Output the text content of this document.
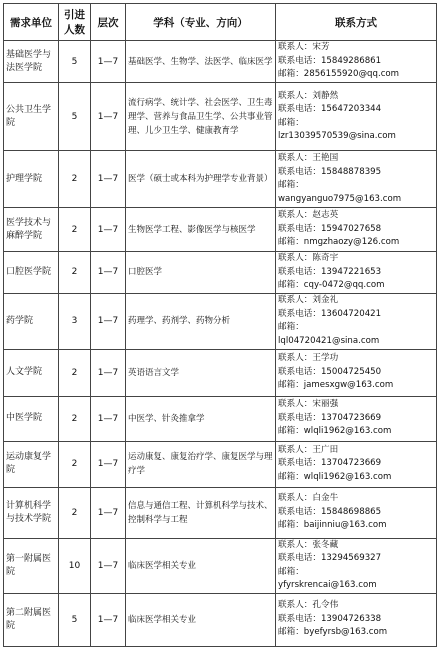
需求单位	引进人数	层次	学科（专业、方向）	联系方式
基础医学与法医学院	5	1—7	基础医学、生物学、法医学、临床医学	联系人：宋芳
联系电话：15849286861
邮箱：2856155920@qq.com

公共卫生学院	5	1—7	流行病学、统计学、社会医学、卫生毒理学、营养与食品卫生学、公共事业管理、儿少卫生学、健康教育学	联系人：刘静然
联系电话：15647203344
邮箱：
lzr13039570539@sina.com

护理学院	2	1—7	医学（硕士或本科为护理学专业背景）	联系人：王艳国
联系电话：15848878395
邮箱：
wangyanguo7975@163.com

医学技术与麻醉学院	2	1—7	生物医学工程、影像医学与核医学	联系人：赵志英
联系电话：15947027658
邮箱：nmgzhaozy@126.com

口腔医学院	2	1—7	口腔医学	联系人：陈奇宇
联系电话：13947221653
邮箱：cqy-0472@qq.com

药学院	3	1—7	药理学、药剂学、药物分析	联系人：刘金礼
联系电话：13604720421
邮箱：
lql04720421@sina.com

人文学院	2	1—7	英语语言文学	联系人：王学功
联系电话：15004725450
邮箱：jamesxgw@163.com

中医学院	2	1—7	中医学、针灸推拿学	联系人：宋丽强
联系电话：13704723669
邮箱：wlqli1962@163.com

运动康复学院	2	1—7	运动康复、康复治疗学、康复医学与理疗学	联系人：王广田
联系电话：13704723669
邮箱：wlqli1962@163.com

计算机科学与技术学院	2	1—7	信息与通信工程、计算机科学与技术、控制科学与工程	联系人：白金牛
联系电话：15848698865
邮箱：baijinniu@163.com

第一附属医院	10	1—7	临床医学相关专业	联系人：张冬藏
联系电话：13294569327
邮箱：
yfyrskrencai@163.com

第二附属医院	5	1—7	临床医学相关专业	联系人：孔令伟
联系电话：13904726338
邮箱：byefyrsb@163.com
